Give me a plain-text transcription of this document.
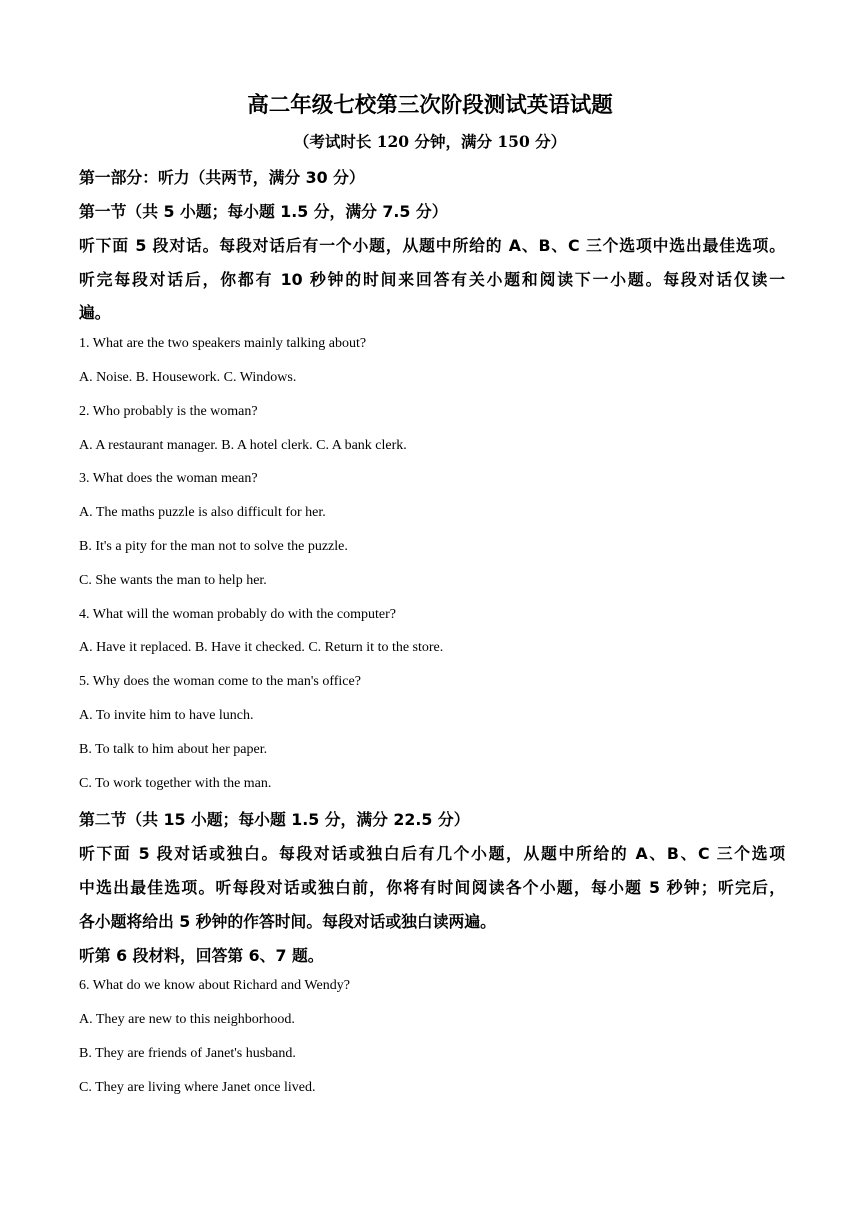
高二年级七校第三次阶段测试英语试题
（考试时长 120 分钟，满分 150 分）
第一部分：听力（共两节，满分 30 分）
第一节（共 5 小题；每小题 1.5 分，满分 7.5 分）
听下面 5 段对话。每段对话后有一个小题，从题中所给的 A、B、C 三个选项中选出最佳选项。
听完每段对话后，你都有 10 秒钟的时间来回答有关小题和阅读下一小题。每段对话仅读一
遍。
1. What are the two speakers mainly talking about?
A. Noise. B. Housework. C. Windows.
2. Who probably is the woman?
A. A restaurant manager. B. A hotel clerk. C. A bank clerk.
3. What does the woman mean?
A. The maths puzzle is also difficult for her.
B. It's a pity for the man not to solve the puzzle.
C. She wants the man to help her.
4. What will the woman probably do with the computer?
A. Have it replaced. B. Have it checked. C. Return it to the store.
5. Why does the woman come to the man's office?
A. To invite him to have lunch.
B. To talk to him about her paper.
C. To work together with the man.
第二节（共 15 小题；每小题 1.5 分，满分 22.5 分）
听下面 5 段对话或独白。每段对话或独白后有几个小题，从题中所给的 A、B、C 三个选项
中选出最佳选项。听每段对话或独白前，你将有时间阅读各个小题，每小题 5 秒钟；听完后，
各小题将给出 5 秒钟的作答时间。每段对话或独白读两遍。
听第 6 段材料，回答第 6、7 题。
6. What do we know about Richard and Wendy?
A. They are new to this neighborhood.
B. They are friends of Janet's husband.
C. They are living where Janet once lived.
